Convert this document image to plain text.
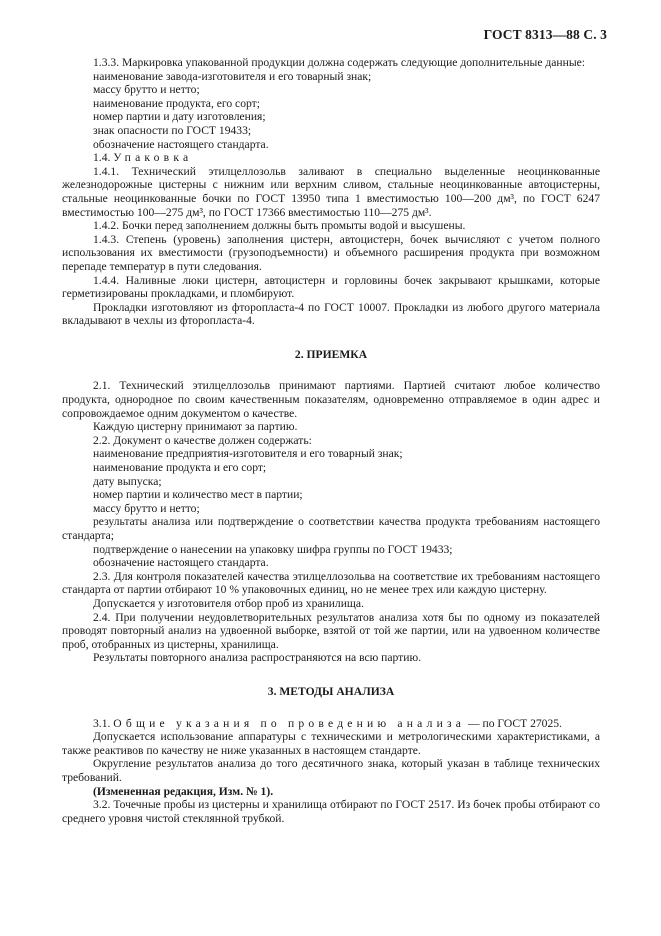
ГОСТ 8313—88 С. 3

1.3.3. Маркировка упакованной продукции должна содержать следующие дополнительные данные:

наименование завода-изготовителя и его товарный знак;

массу брутто и нетто;

наименование продукта, его сорт;

номер партии и дату изготовления;

знак опасности по ГОСТ 19433;

обозначение настоящего стандарта.

1.4. Упаковка

1.4.1. Технический этилцеллозольв заливают в специально выделенные неоцинкованные железнодорожные цистерны с нижним или верхним сливом, стальные неоцинкованные автоцистерны, стальные неоцинкованные бочки по ГОСТ 13950 типа 1 вместимостью 100—200 дм³, по ГОСТ 6247 вместимостью 100—275 дм³, по ГОСТ 17366 вместимостью 110—275 дм³.

1.4.2. Бочки перед заполнением должны быть промыты водой и высушены.

1.4.3. Степень (уровень) заполнения цистерн, автоцистерн, бочек вычисляют с учетом полного использования их вместимости (грузоподъемности) и объемного расширения продукта при возможном перепаде температур в пути следования.

1.4.4. Наливные люки цистерн, автоцистерн и горловины бочек закрывают крышками, которые герметизированы прокладками, и пломбируют.

Прокладки изготовляют из фторопласта-4 по ГОСТ 10007. Прокладки из любого другого материала вкладывают в чехлы из фторопласта-4.

2. ПРИЕМКА

2.1. Технический этилцеллозольв принимают партиями. Партией считают любое количество продукта, однородное по своим качественным показателям, одновременно отправляемое в один адрес и сопровождаемое одним документом о качестве.

Каждую цистерну принимают за партию.

2.2. Документ о качестве должен содержать:

наименование предприятия-изготовителя и его товарный знак;

наименование продукта и его сорт;

дату выпуска;

номер партии и количество мест в партии;

массу брутто и нетто;

результаты анализа или подтверждение о соответствии качества продукта требованиям настоящего стандарта;

подтверждение о нанесении на упаковку шифра группы по ГОСТ 19433;

обозначение настоящего стандарта.

2.3. Для контроля показателей качества этилцеллозольва на соответствие их требованиям настоящего стандарта от партии отбирают 10 % упаковочных единиц, но не менее трех или каждую цистерну.

Допускается у изготовителя отбор проб из хранилища.

2.4. При получении неудовлетворительных результатов анализа хотя бы по одному из показателей проводят повторный анализ на удвоенной выборке, взятой от той же партии, или на удвоенном количестве проб, отобранных из цистерны, хранилища.

Результаты повторного анализа распространяются на всю партию.

3. МЕТОДЫ АНАЛИЗА

3.1. Общие указания по проведению анализа — по ГОСТ 27025.

Допускается использование аппаратуры с техническими и метрологическими характеристиками, а также реактивов по качеству не ниже указанных в настоящем стандарте.

Округление результатов анализа до того десятичного знака, который указан в таблице технических требований.

(Измененная редакция, Изм. № 1).

3.2. Точечные пробы из цистерны и хранилища отбирают по ГОСТ 2517. Из бочек пробы отбирают со среднего уровня чистой стеклянной трубкой.
